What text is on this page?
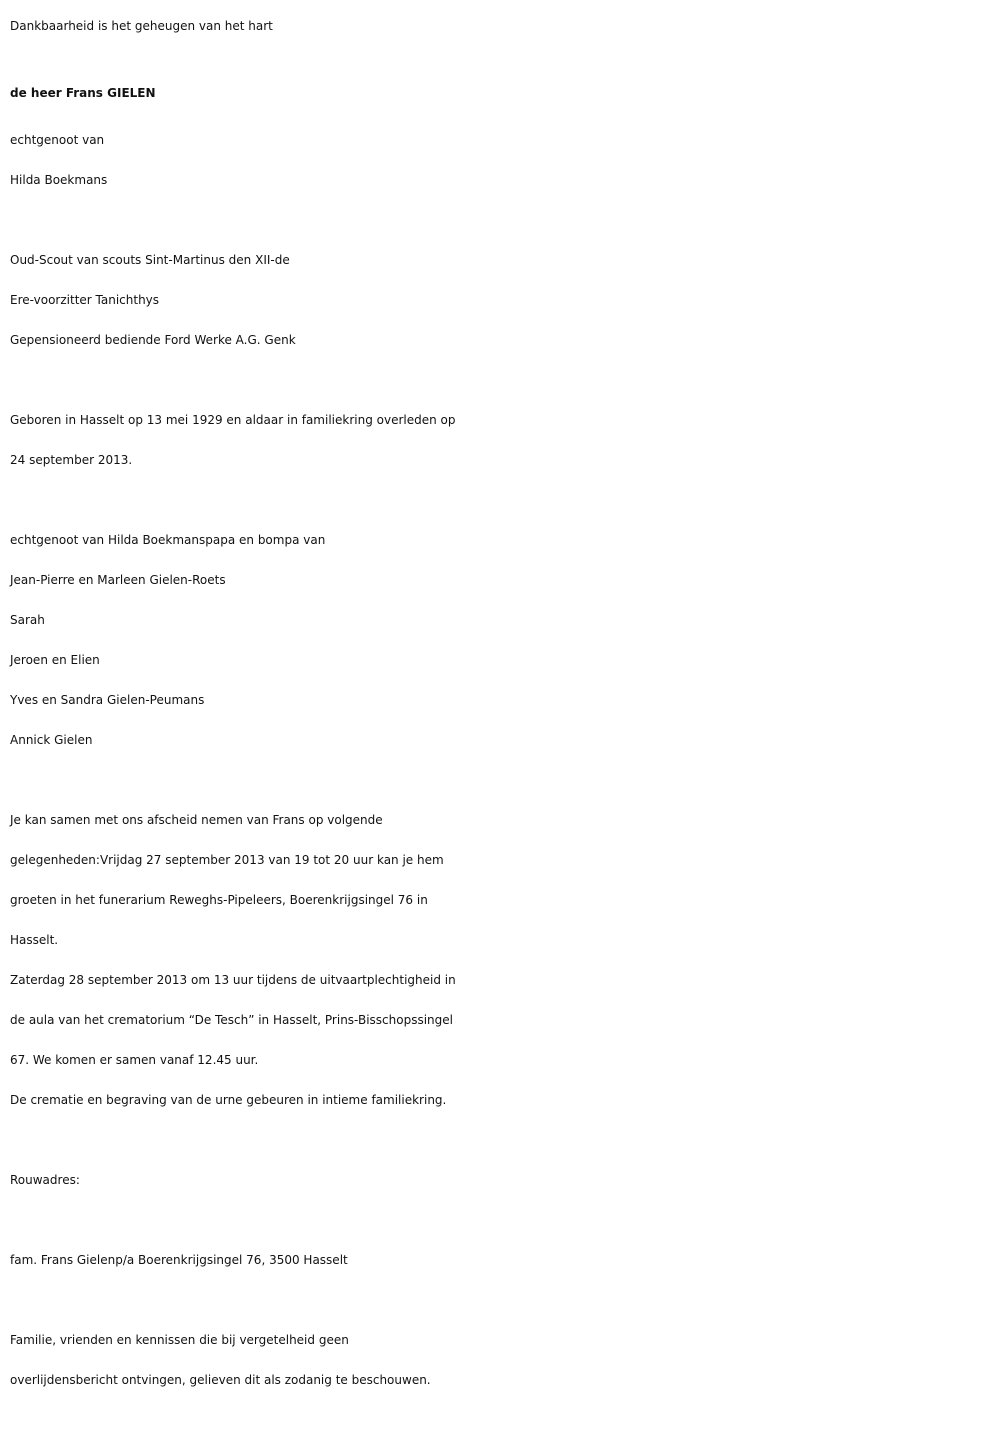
Dankbaarheid is het geheugen van het hart

de heer Frans GIELEN

echtgenoot van

Hilda Boekmans

Oud-Scout van scouts Sint-Martinus den XII-de

Ere-voorzitter Tanichthys

Gepensioneerd bediende Ford Werke A.G. Genk

Geboren in Hasselt op 13 mei 1929 en aldaar in familiekring overleden op

24 september 2013.

echtgenoot van Hilda Boekmanspapa en bompa van

Jean-Pierre en Marleen Gielen-Roets

Sarah

Jeroen en Elien

Yves en Sandra Gielen-Peumans

Annick Gielen

Je kan samen met ons afscheid nemen van Frans op volgende

gelegenheden:Vrijdag 27 september 2013 van 19 tot 20 uur kan je hem

groeten in het funerarium Reweghs-Pipeleers, Boerenkrijgsingel 76 in

Hasselt.

Zaterdag 28 september 2013 om 13 uur tijdens de uitvaartplechtigheid in

de aula van het crematorium “De Tesch” in Hasselt, Prins-Bisschopssingel

67. We komen er samen vanaf 12.45 uur.

De crematie en begraving van de urne gebeuren in intieme familiekring.

Rouwadres:

fam. Frans Gielenp/a Boerenkrijgsingel 76, 3500 Hasselt

Familie, vrienden en kennissen die bij vergetelheid geen

overlijdensbericht ontvingen, gelieven dit als zodanig te beschouwen.
